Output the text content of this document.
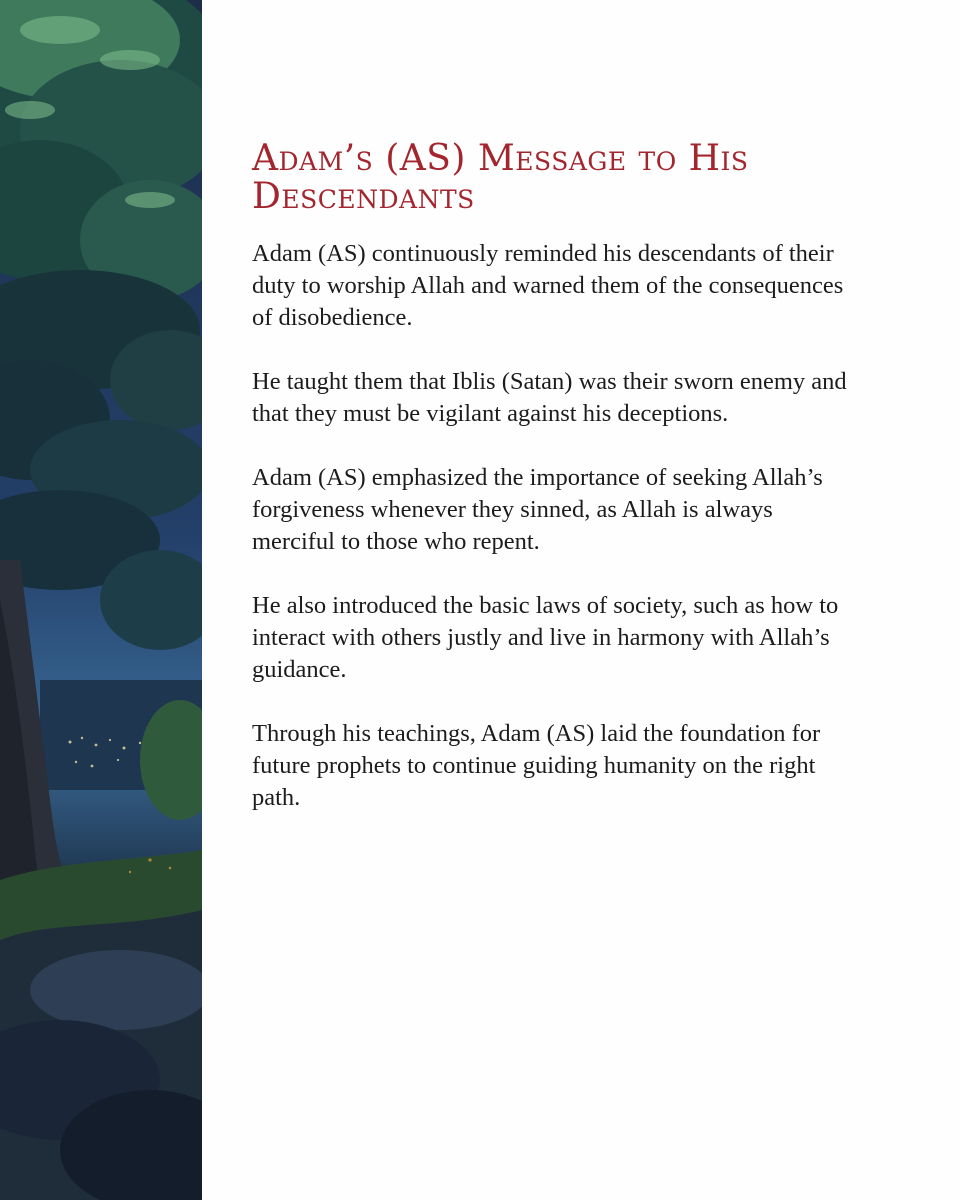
Adam’s (AS) Message to His Descendants

Adam (AS) continuously reminded his descendants of their duty to worship Allah and warned them of the consequences of disobedience.

He taught them that Iblis (Satan) was their sworn enemy and that they must be vigilant against his deceptions.

Adam (AS) emphasized the importance of seeking Allah’s forgiveness whenever they sinned, as Allah is always merciful to those who repent.

He also introduced the basic laws of society, such as how to interact with others justly and live in harmony with Allah’s guidance.

Through his teachings, Adam (AS) laid the foundation for future prophets to continue guiding humanity on the right path.
